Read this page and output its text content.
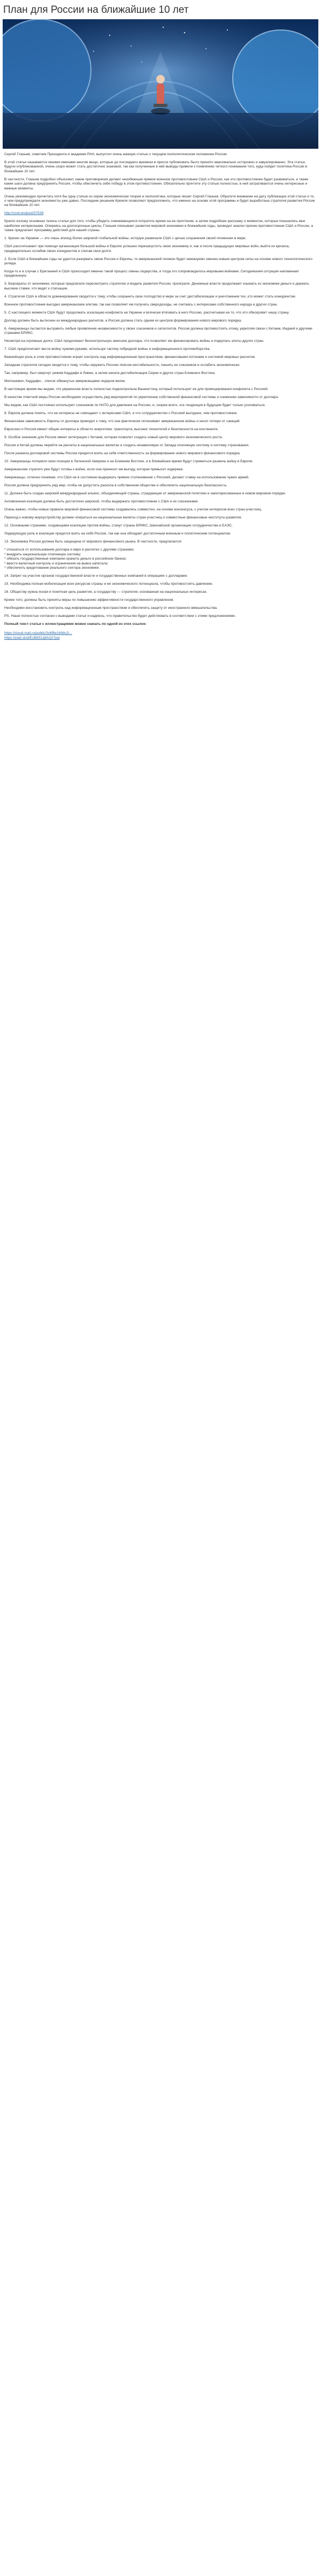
План для России на ближайшие 10 лет

Сергей Глазьев, советник Президента и академик РАН, выпустил очень важную статью о текущем геополитическом положении России.

В этой статье называются своими именами многие вещи, которые до последнего времени в прессе публиковать было принято максимально осторожно и завуалированно. Эта статья, будучи опубликованной, очень скоро может стать достаточно знаковой, так как полученные в ней выводы привели к появлению четкого понимания того, куда пойдет политика России в ближайшие 10 лет.

В частности, Глазьев подробно объясняет, какие противоречия делают неизбежным прямое военное противостояние США и России, как это противостояние будет развиваться, а также какие шаги должна предпринять Россия, чтобы обеспечить себе победу в этом противостоянии. Обязательно прочтите эту статью полностью, в ней затрагиваются очень интересные и важные моменты.

Очень рекомендую прочитать хотя бы одну статью из серии экономическая теория и геополитика, которые пишет Сергей Глазьев. Обратите внимание на дату публикации этой статьи и то, о чем предупреждали экономисты уже давно. Последние решения Кремля позволяют предположить, что именно на основе этой программы и будет выработана стратегия развития России на ближайшие 10 лет.

http://cont.ws/post/37539

Кратко изложу основные тезисы статьи для того, чтобы убедить сомневающихся потратить время на ее прочтение, а затем подробнее расскажу о моментах, которые показались мне наиболее интересными. Опираясь на долгосрочные циклы, Глазьев описывает развитие мировой экономики в ближайшие годы, проводит анализ причин противостояния США и России, а также предлагает программу действий для нашей страны.

1. Кризис на Украине — это лишь эпизод более широкой глобальной войны, которую развязали США с целью сохранения своей гегемонии в мире.

США рассчитывают при помощи организации большой войны в Европе успешно перезапустить свою экономику и, как и после предыдущих мировых войн, выйти из кризиса, предварительно ослабив своих конкурентов и списав свои долги.

2. Если США в ближайшие годы не удастся разорвать связи России и Европы, то американский гегемон будет неминуемо сменен новым центром силы на основе нового технологического уклада.

Когда-то и в случае с Британией и США происходил именно такой процесс смены лидерства, и тогда это сопровождалось мировыми войнами. Сегодняшняя ситуация напоминает предвоенную.

3. Бюрократы от экономики, которые предлагали пересмотреть стратегию и модель развития России, проиграли. Денежные власти продолжают изымать из экономики деньги и держать высокие ставки, что ведет к стагнации.

4. Стратегия США в области доминирования сводится к тому, чтобы сохранить свое господство в мире за счет дестабилизации и уничтожения тех, кто может стать конкурентом.

Военное противостояние выгодно американским элитам, так как позволяет им получать сверхдоходы, не считаясь с интересами собственного народа и других стран.

5. С настоящего момента США будут продолжать эскалацию конфликта на Украине и всячески втягивать в него Россию, рассчитывая на то, что это обескровит нашу страну.

Доллар должен быть вытеснен из международных расчетов, а Россия должна стать одним из центров формирования нового мирового порядка.

6. Американцы пытаются вытравить любые проявления независимости у своих союзников и сателлитов. Россия должна противостоять этому, укрепляя связи с Китаем, Индией и другими странами БРИКС.

Несмотря на огромные долги, США продолжают бесконтрольную эмиссию доллара, что позволяет им финансировать войны и подкупать элиты других стран.

7. США предпочитают вести войну чужими руками, используя тактику гибридной войны и информационного противоборства.

Важнейшую роль в этом противостоянии играет контроль над информационным пространством, финансовыми потоками и системой мировых расчетов.

Западная стратегия сегодня сводится к тому, чтобы окружить Россию поясом нестабильности, лишить ее союзников и ослабить экономически.

Так, например, был свергнут режим Каддафи в Ливии, а затем начата дестабилизация Сирии и других стран Ближнего Востока.

Милошевич, Каддафи... список обманутых американцами лидеров велик.

В настоящее время мы видим, что украинская власть полностью подконтрольна Вашингтону, который использует ее для провоцирования конфликта с Россией.

В качестве ответной меры России необходимо осуществить ряд мероприятий по укреплению собственной финансовой системы и снижению зависимости от доллара.

Мы видим, как США постоянно используют союзников по НАТО для давления на Россию, и, скорее всего, эта тенденция в будущем будет только усиливаться.

8. Европа должна понять, что ее интересы не совпадают с интересами США, и что сотрудничество с Россией выгоднее, чем противостояние.

Финансовая зависимость Европы от доллара приводит к тому, что она фактически оплачивает американские войны и несет потери от санкций.

Евросоюз и Россия имеют общие интересы в области энергетики, транспорта, высоких технологий и безопасности на континенте.

9. Особое значение для России имеет интеграция с Китаем, которая позволит создать новый центр мирового экономического роста.

Россия и Китай должны перейти на расчеты в национальных валютах и создать независимую от Запада платежную систему и систему страхования.

После развала долларовой системы России придется взять на себя ответственность за формирование нового мирового финансового порядка.

10. Американцы потеряли свои позиции в Латинской Америке и на Ближнем Востоке, и в ближайшее время будут стремиться разжечь войну в Европе.

Американские стратеги уже будут готовы к войне, если она принесет им выгоду, которая превысит издержки.

Американцы, отлично понимая, что США не в состоянии выдержать прямое столкновение с Россией, делают ставку на использование чужих армий.

Россия должна предпринять ряд мер, чтобы не допустить раскола в собственном обществе и обеспечить национальную безопасность.

11. Должен быть создан широкий международный альянс, объединяющий страны, страдающие от американской политики и заинтересованные в новом мировом порядке.

Антивоенная коалиция должна быть достаточно широкой, чтобы выдержать противостояние с США и их союзниками.

Очень важно, чтобы новые правила мировой финансовой системы создавались совместно, на основе консенсуса, с учетом интересов всех стран-участниц.

Переход к новому мироустройству должен опираться на национальные валюты стран-участниц и совместные финансовые институты развития.

12. Основными странами, создающими коалицию против войны, станут страны БРИКС, Шанхайской организации сотрудничества и ЕАЭС.

Лидирующую роль в коалиции придется взять на себя России, так как она обладает достаточным военным и политическим потенциалом.

13. Экономика России должна быть защищена от мирового финансового рынка. В частности, предлагается:

* отказаться от использования доллара и евро в расчетах с другими странами;
* внедрить национальную платежную систему;
* обязать государственные компании хранить деньги в российских банках;
* ввести валютный контроль и ограничения на вывоз капитала;
* обеспечить кредитование реального сектора экономики.

14. Запрет на участие органов государственной власти и государственных компаний в операциях с долларами.

15. Необходима полная мобилизация всех ресурсов страны и ее экономического потенциала, чтобы противостоять давлению.

16. Обществу нужна ясная и понятная цель развития, а государству — стратегия, основанная на национальных интересах.

Кроме того, должны быть приняты меры по повышению эффективности государственного управления.

Необходимо восстановить контроль над информационным пространством и обеспечить защиту от иностранного вмешательства.

РS. Наше полностью согласен с выводами статьи и надеюсь, что правительство будет действовать в соответствии с этими предложениями.

Полный текст статьи с иллюстрациями можно скачать по одной из этих ссылок:

https://cloud.mail.ru/public/3c6f8e1b9dc2/...
https://yadi.sk/d/EsB6S1q9AQz7pw
